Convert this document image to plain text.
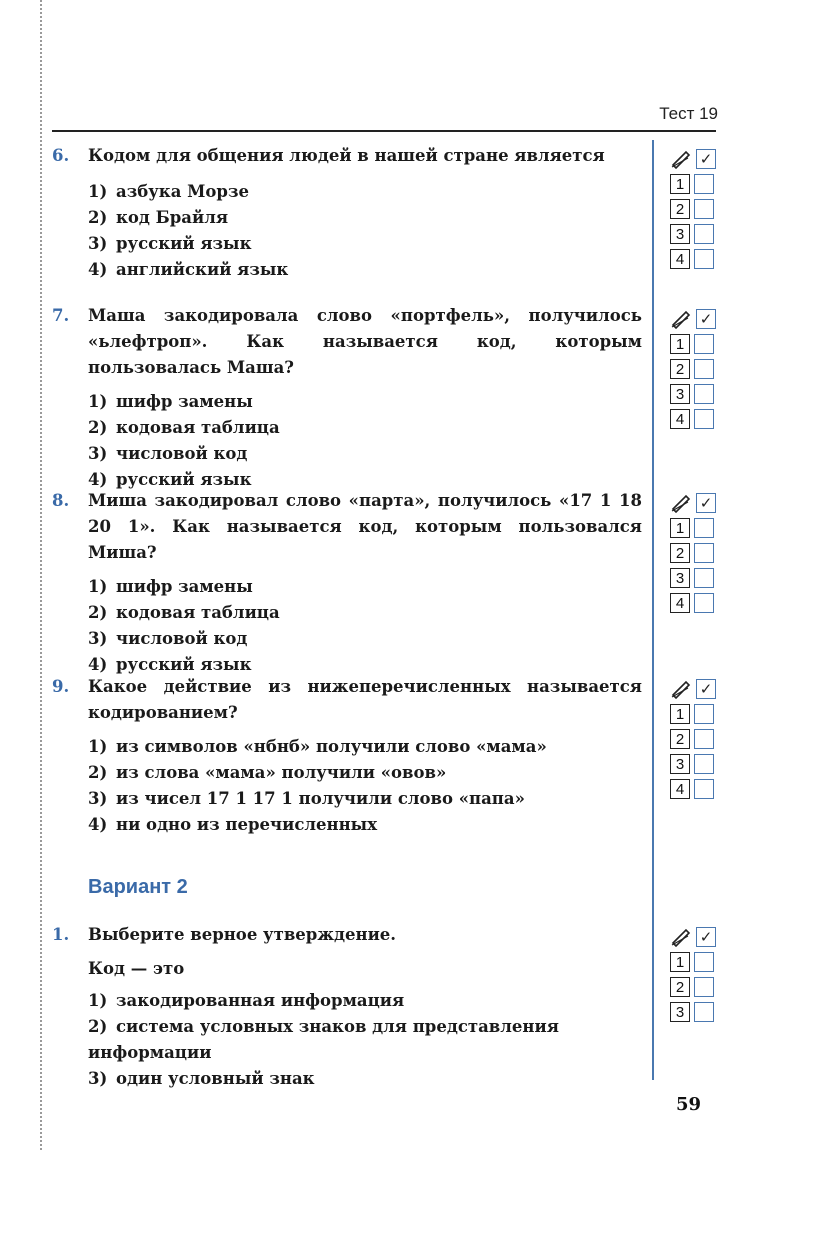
Тест 19
6.	Кодом для общения людей в нашей стране является
1) азбука Морзе
2) код Брайля
3) русский язык
4) английский язык
7.	Маша закодировала слово «портфель», получилось «ьлефтроп». Как называется код, которым пользовалась Маша?
1) шифр замены
2) кодовая таблица
3) числовой код
4) русский язык
8.	Миша закодировал слово «парта», получилось «17 1 18 20 1». Как называется код, которым пользовался Миша?
1) шифр замены
2) кодовая таблица
3) числовой код
4) русский язык
9.	Какое действие из нижеперечисленных называется кодированием?
1) из символов «нбнб» получили слово «мама»
2) из слова «мама» получили «овов»
3) из чисел 17 1 17 1 получили слово «папа»
4) ни одно из перечисленных
Вариант 2
1.	Выберите верное утверждение.
Код — это
1) закодированная информация
2) система условных знаков для представления информации
3) один условный знак
✓
1
2
3
4
✓
1
2
3
4
✓
1
2
3
4
✓
1
2
3
4
✓
1
2
3
59
